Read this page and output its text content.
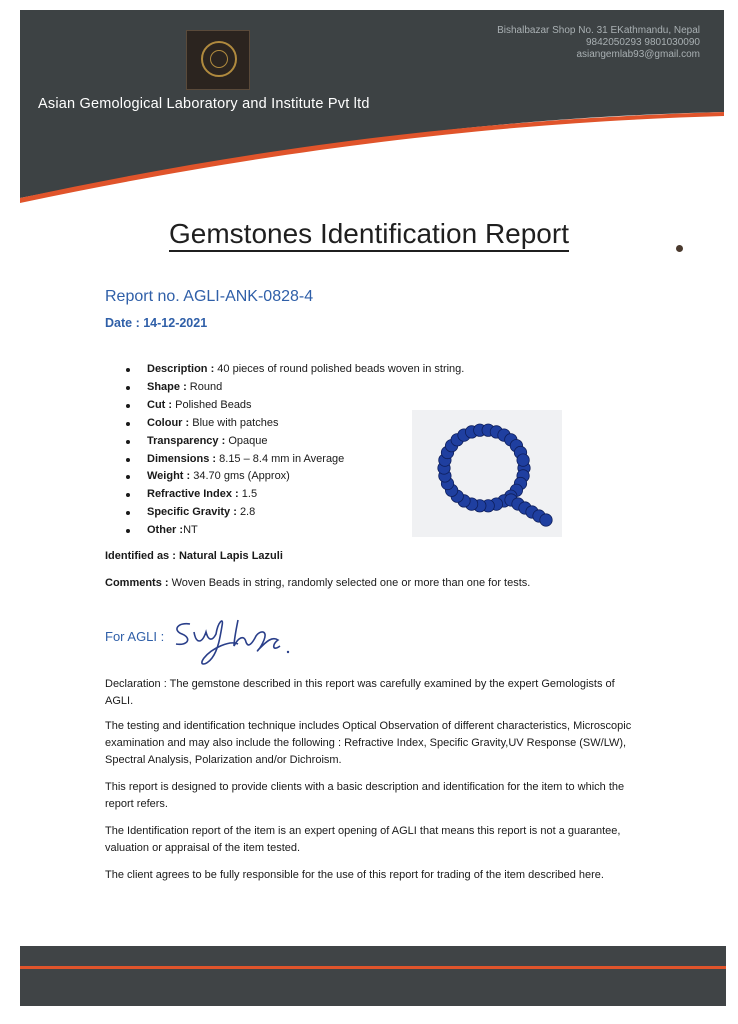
Bishalbazar Shop No. 31 EKathmandu, Nepal
9842050293 9801030090
asiangemlab93@gmail.com
Asian Gemological Laboratory and Institute Pvt ltd
Gemstones Identification Report
Report no. AGLI-ANK-0828-4
Date : 14-12-2021
Description : 40 pieces of round polished beads woven in string.
Shape : Round
Cut : Polished Beads
Colour : Blue with patches
Transparency : Opaque
Dimensions : 8.15 – 8.4 mm in Average
Weight : 34.70 gms (Approx)
Refractive Index : 1.5
Specific Gravity : 2.8
Other :NT
Identified as : Natural Lapis Lazuli
Comments : Woven Beads in string, randomly selected one or more than one for tests.
For AGLI :

Declaration : The gemstone described in this report was carefully examined by the expert Gemologists of AGLI.

The testing and identification technique includes Optical Observation of different characteristics, Microscopic examination and may also include the following : Refractive Index, Specific Gravity,UV Response (SW/LW), Spectral Analysis, Polarization and/or Dichroism.

This report is designed to provide clients with a basic description and identification for the item to which the report refers.

The Identification report of the item is an expert opening of AGLI that means this report is not a guarantee, valuation or appraisal of the item tested.

The client agrees to be fully responsible for the use of this report for trading of the item described here.
